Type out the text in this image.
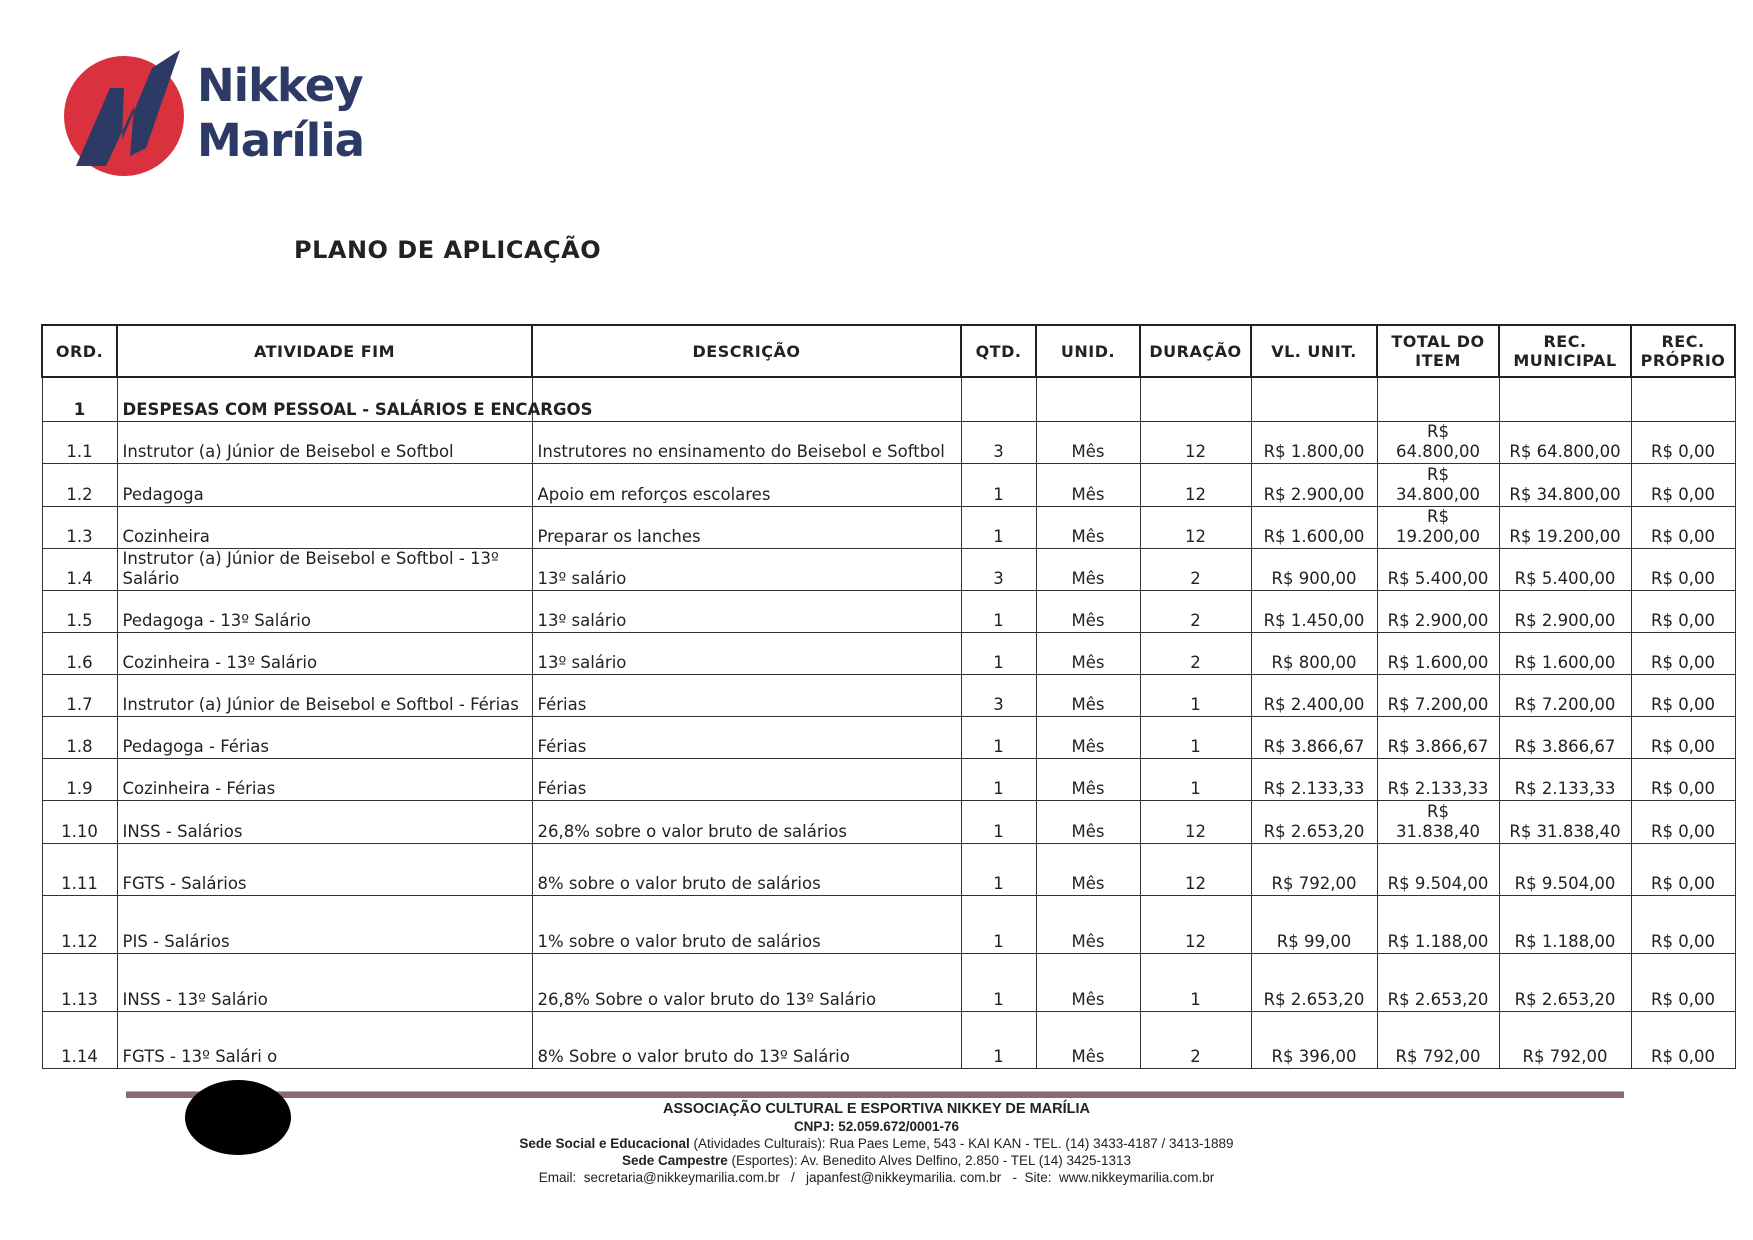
Nikkey
Marília
PLANO DE APLICAÇÃO
ORD.	ATIVIDADE FIM	DESCRIÇÃO	QTD.	UNID.	DURAÇÃO	VL. UNIT.	TOTAL DO ITEM	REC. MUNICIPAL	REC. PRÓPRIO
1	DESPESAS COM PESSOAL - SALÁRIOS E ENCARGOS								
1.1	Instrutor (a) Júnior de Beisebol e Softbol	Instrutores no ensinamento do Beisebol e Softbol	3	Mês	12	R$ 1.800,00	R$ 64.800,00	R$ 64.800,00	R$ 0,00
1.2	Pedagoga	Apoio em reforços escolares	1	Mês	12	R$ 2.900,00	R$ 34.800,00	R$ 34.800,00	R$ 0,00
1.3	Cozinheira	Preparar os lanches	1	Mês	12	R$ 1.600,00	R$ 19.200,00	R$ 19.200,00	R$ 0,00
1.4	Instrutor (a) Júnior de Beisebol e Softbol - 13º Salário	13º salário	3	Mês	2	R$ 900,00	R$ 5.400,00	R$ 5.400,00	R$ 0,00
1.5	Pedagoga - 13º Salário	13º salário	1	Mês	2	R$ 1.450,00	R$ 2.900,00	R$ 2.900,00	R$ 0,00
1.6	Cozinheira - 13º Salário	13º salário	1	Mês	2	R$ 800,00	R$ 1.600,00	R$ 1.600,00	R$ 0,00
1.7	Instrutor (a) Júnior de Beisebol e Softbol - Férias	Férias	3	Mês	1	R$ 2.400,00	R$ 7.200,00	R$ 7.200,00	R$ 0,00
1.8	Pedagoga - Férias	Férias	1	Mês	1	R$ 3.866,67	R$ 3.866,67	R$ 3.866,67	R$ 0,00
1.9	Cozinheira - Férias	Férias	1	Mês	1	R$ 2.133,33	R$ 2.133,33	R$ 2.133,33	R$ 0,00
1.10	INSS - Salários	26,8% sobre o valor bruto de salários	1	Mês	12	R$ 2.653,20	R$ 31.838,40	R$ 31.838,40	R$ 0,00
1.11	FGTS - Salários	8% sobre o valor bruto de salários	1	Mês	12	R$ 792,00	R$ 9.504,00	R$ 9.504,00	R$ 0,00
1.12	PIS - Salários	1% sobre o valor bruto de salários	1	Mês	12	R$ 99,00	R$ 1.188,00	R$ 1.188,00	R$ 0,00
1.13	INSS - 13º Salário	26,8% Sobre o valor bruto do 13º Salário	1	Mês	1	R$ 2.653,20	R$ 2.653,20	R$ 2.653,20	R$ 0,00
1.14	FGTS - 13º Salári o	8% Sobre o valor bruto do 13º Salário	1	Mês	2	R$ 396,00	R$ 792,00	R$ 792,00	R$ 0,00
ASSOCIAÇÃO CULTURAL E ESPORTIVA NIKKEY DE MARÍLIA
CNPJ: 52.059.672/0001-76
Sede Social e Educacional (Atividades Culturais): Rua Paes Leme, 543 - KAI KAN - TEL. (14) 3433-4187 / 3413-1889
Sede Campestre (Esportes): Av. Benedito Alves Delfino, 2.850 - TEL (14) 3425-1313
Email:  secretaria@nikkeymarilia.com.br   /   japanfest@nikkeymarilia. com.br   -  Site:  www.nikkeymarilia.com.br
